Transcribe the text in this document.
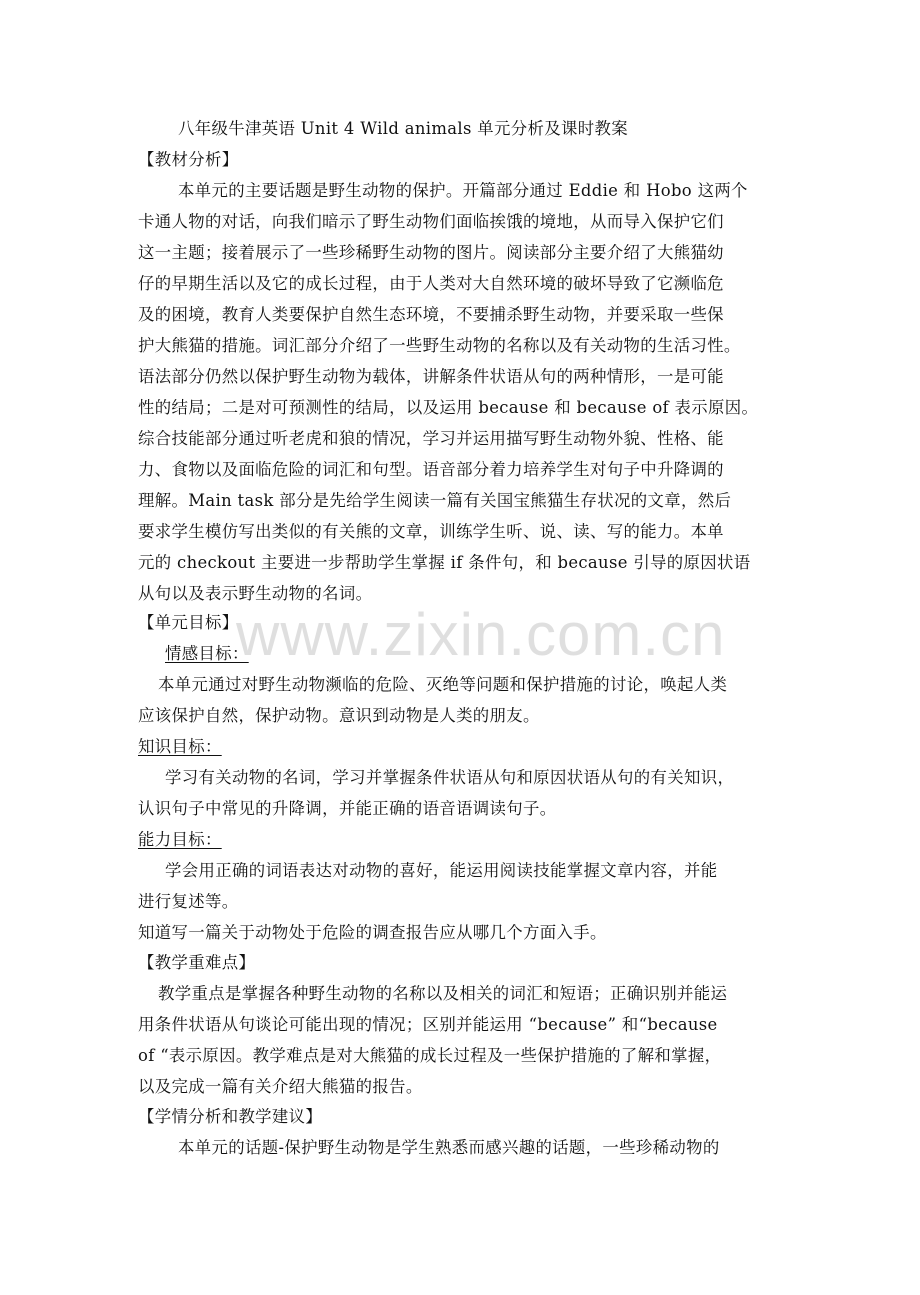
八年级牛津英语 Unit 4 Wild animals 单元分析及课时教案
【教材分析】
本单元的主要话题是野生动物的保护。开篇部分通过 Eddie 和 Hobo 这两个
卡通人物的对话，向我们暗示了野生动物们面临挨饿的境地，从而导入保护它们
这一主题；接着展示了一些珍稀野生动物的图片。阅读部分主要介绍了大熊猫幼
仔的早期生活以及它的成长过程，由于人类对大自然环境的破坏导致了它濒临危
及的困境，教育人类要保护自然生态环境，不要捕杀野生动物，并要采取一些保
护大熊猫的措施。词汇部分介绍了一些野生动物的名称以及有关动物的生活习性。
语法部分仍然以保护野生动物为载体，讲解条件状语从句的两种情形，一是可能
性的结局；二是对可预测性的结局，以及运用 because 和 because of 表示原因。
综合技能部分通过听老虎和狼的情况，学习并运用描写野生动物外貌、性格、能
力、食物以及面临危险的词汇和句型。语音部分着力培养学生对句子中升降调的
理解。Main task 部分是先给学生阅读一篇有关国宝熊猫生存状况的文章，然后
要求学生模仿写出类似的有关熊的文章，训练学生听、说、读、写的能力。本单
元的 checkout 主要进一步帮助学生掌握 if 条件句，和 because 引导的原因状语
从句以及表示野生动物的名词。
【单元目标】
情感目标：
本单元通过对野生动物濒临的危险、灭绝等问题和保护措施的讨论，唤起人类
应该保护自然，保护动物。意识到动物是人类的朋友。
知识目标：
学习有关动物的名词，学习并掌握条件状语从句和原因状语从句的有关知识，
认识句子中常见的升降调，并能正确的语音语调读句子。
能力目标：
学会用正确的词语表达对动物的喜好，能运用阅读技能掌握文章内容，并能
进行复述等。
知道写一篇关于动物处于危险的调查报告应从哪几个方面入手。
【教学重难点】
教学重点是掌握各种野生动物的名称以及相关的词汇和短语；正确识别并能运
用条件状语从句谈论可能出现的情况；区别并能运用 “because” 和“because
of “表示原因。教学难点是对大熊猫的成长过程及一些保护措施的了解和掌握，
以及完成一篇有关介绍大熊猫的报告。
【学情分析和教学建议】
本单元的话题-保护野生动物是学生熟悉而感兴趣的话题，一些珍稀动物的
www.zixin.com.cn
